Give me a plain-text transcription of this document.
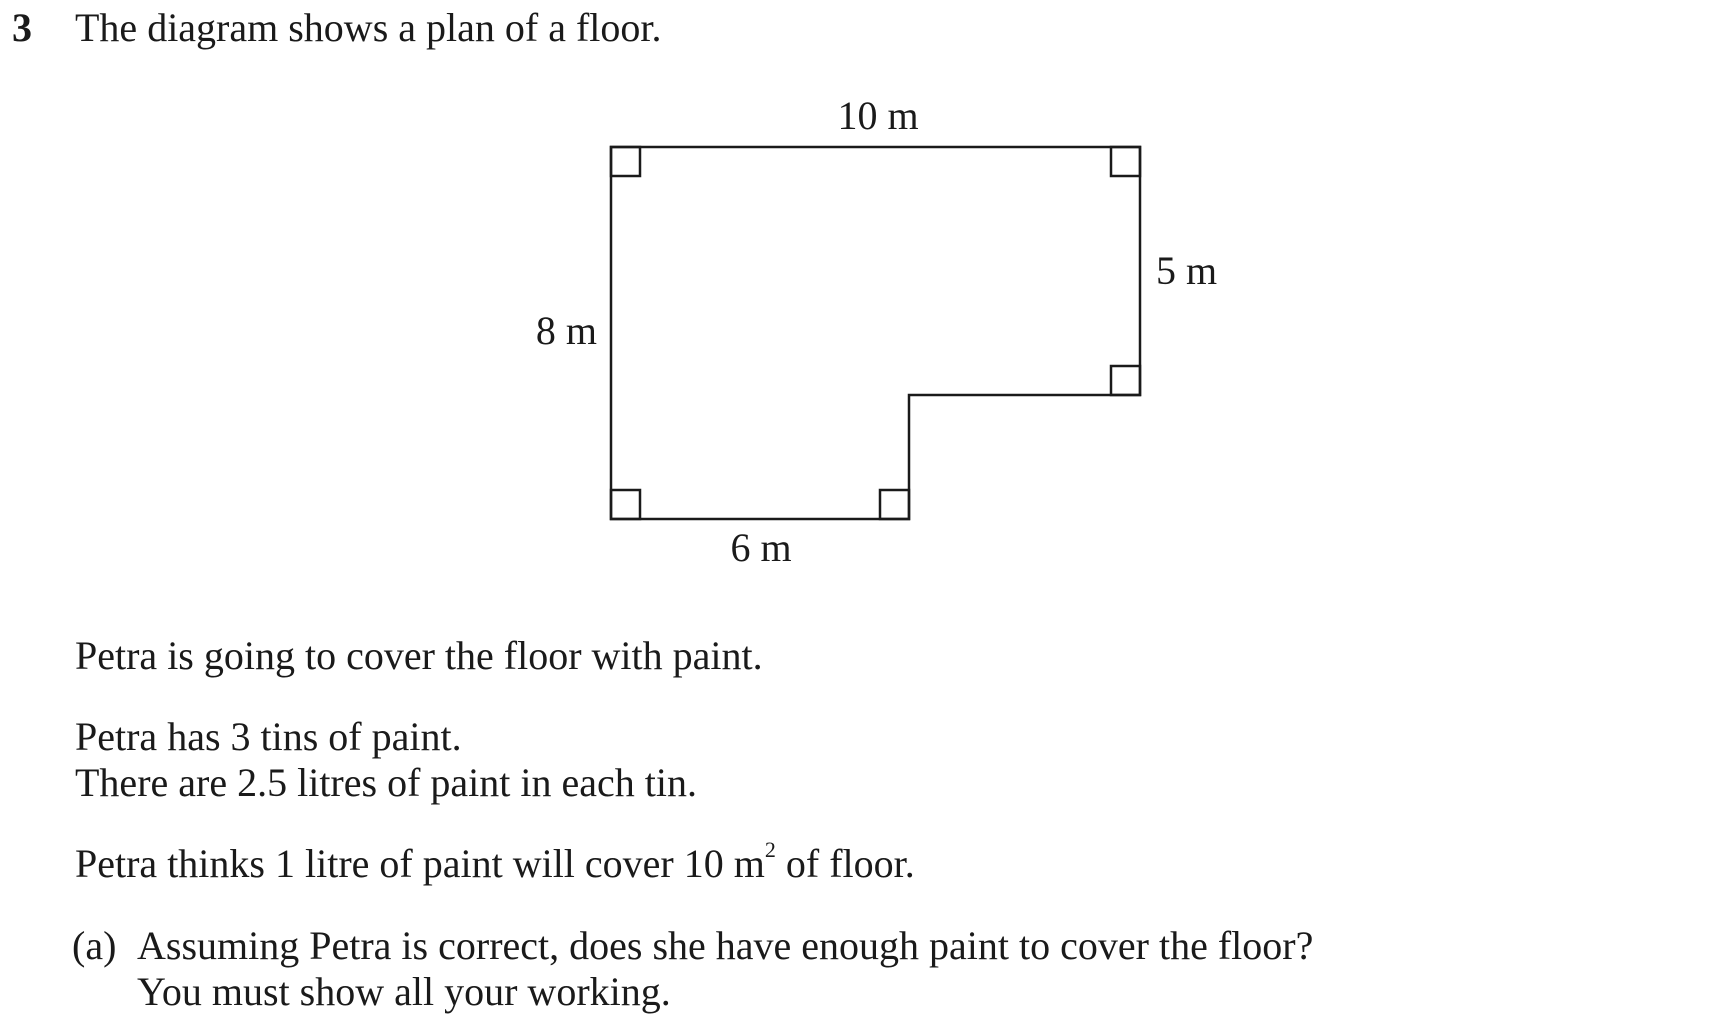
3 The diagram shows a plan of a floor.
10 m
5 m
8 m
6 m
Petra is going to cover the floor with paint.
Petra has 3 tins of paint.
There are 2.5 litres of paint in each tin.
Petra thinks 1 litre of paint will cover 10 $m^2$ of floor.
(a) Assuming Petra is correct, does she have enough paint to cover the floor?
You must show all your working.
